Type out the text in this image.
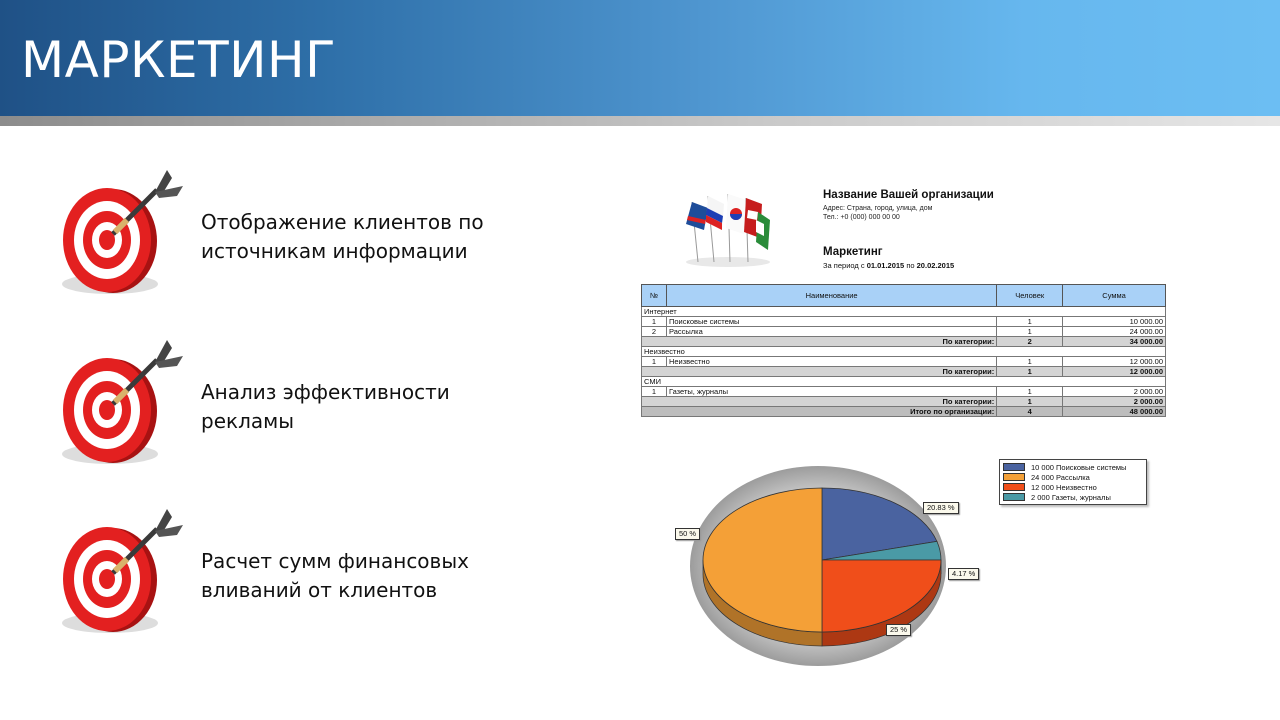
МАРКЕТИНГ
Отображение клиентов по
источникам информации
Анализ эффективности
рекламы
Расчет сумм финансовых
вливаний от клиентов
Название Вашей организации
Адрес: Страна, город, улица, дом
Тел.: +0 (000) 000 00 00
Маркетинг
За период с 01.01.2015 по 20.02.2015
№	Наименование	Человек	Сумма
Интернет			
1	Поисковые системы	1	10 000.00
2	Рассылка	1	24 000.00
По категории:		2	34 000.00
Неизвестно			
1	Неизвестно	1	12 000.00
По категории:		1	12 000.00
СМИ			
1	Газеты, журналы	1	2 000.00
По категории:		1	2 000.00
Итого по организации:		4	48 000.00
20.83 %
50 %
25 %
4.17 %
10 000 Поисковые системы
24 000 Рассылка
12 000 Неизвестно
2 000 Газеты, журналы
